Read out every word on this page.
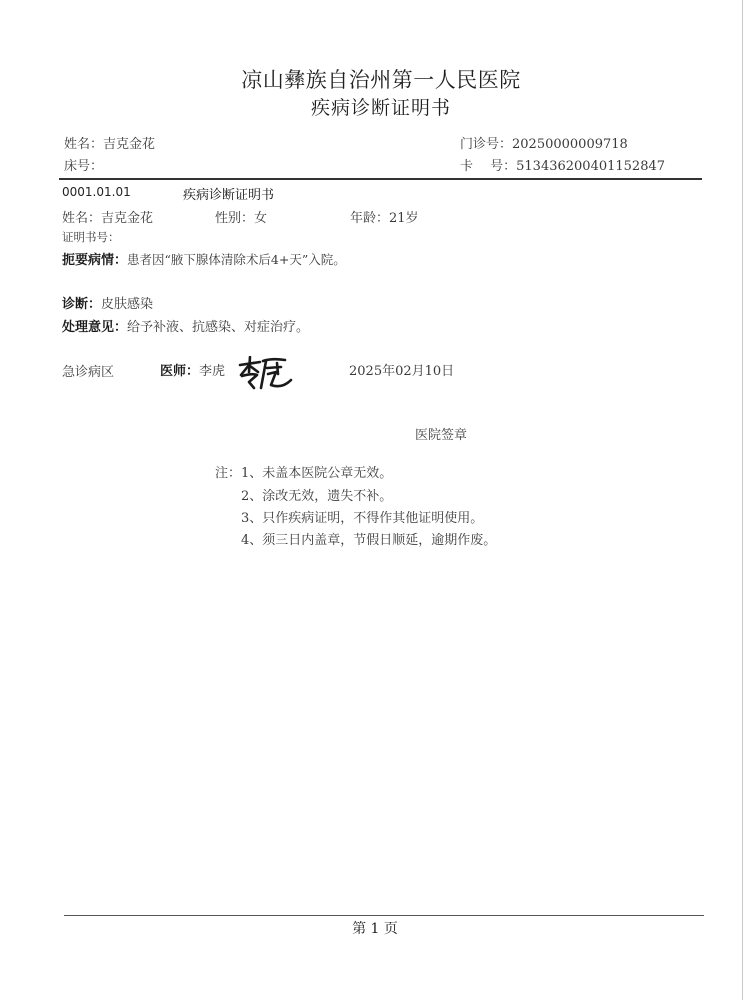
凉山彝族自治州第一人民医院
疾病诊断证明书
姓名：吉克金花
床号：
门诊号：20250000009718
卡　 号：51343620040115284​7
0001.01.01	疾病诊断证明书
姓名：吉克金花	性别：女	年龄：21岁
证明书号：
扼要病情：患者因“腋下腺体清除术后4+天”入院。
诊断：皮肤感染
处理意见：给予补液、抗感染、对症治疗。
急诊病区	医师：李虎	2025年02月10日
医院签章
注： 1、未盖本医院公章无效。
2、涂改无效，遗失不补。
3、只作疾病证明，不得作其他证明使用。
4、须三日内盖章，节假日顺延，逾期作废。
第 1 页
